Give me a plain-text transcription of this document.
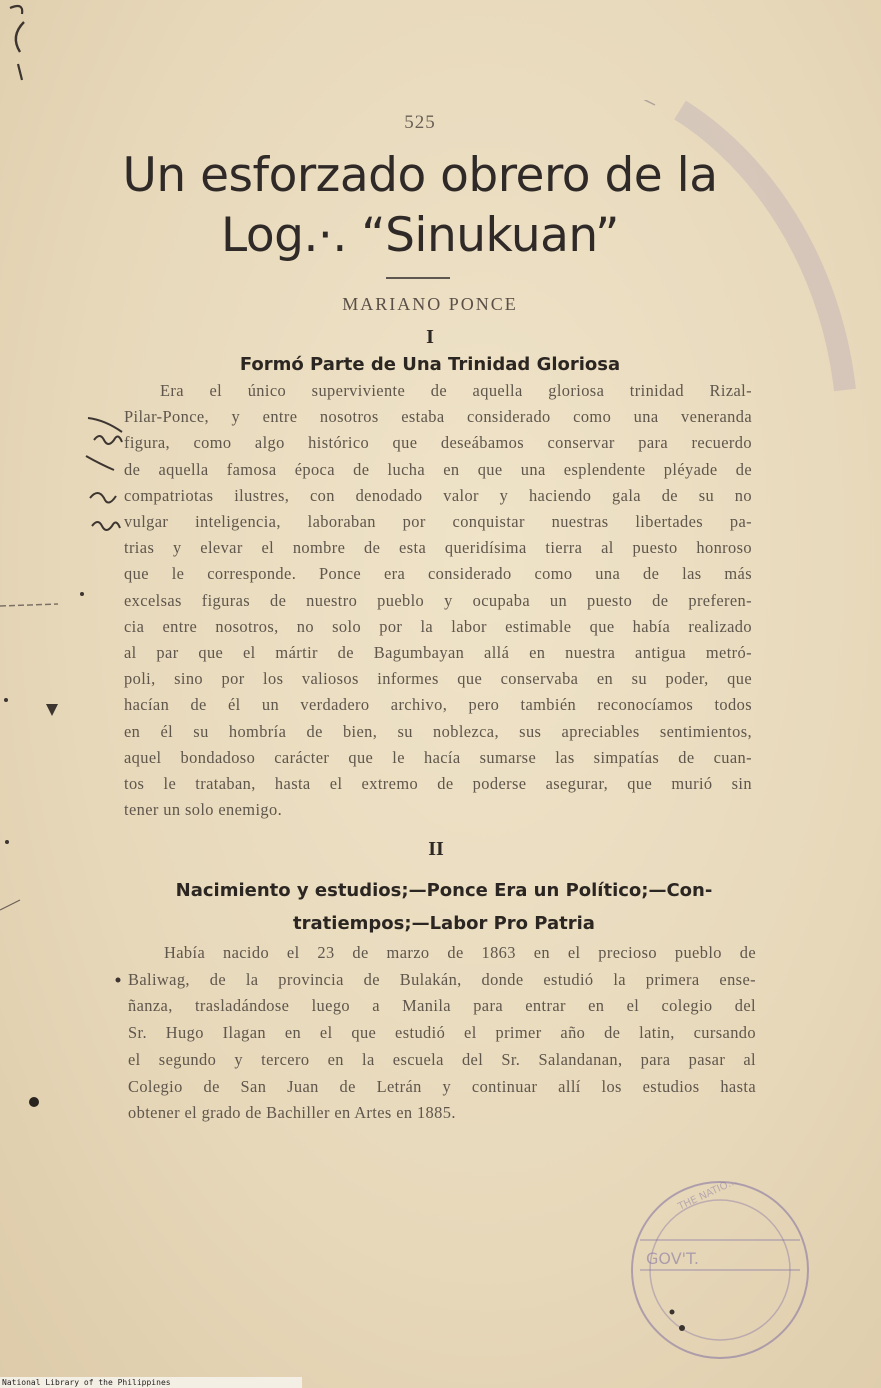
525
Un esforzado obrero de la
Log.·. “Sinukuan”
MARIANO PONCE
I
Formó Parte de Una Trinidad Gloriosa
Era el único superviviente de aquella gloriosa trinidad Rizal-
Pilar-Ponce, y entre nosotros estaba considerado como una veneranda
figura, como algo histórico que deseábamos conservar para recuerdo
de aquella famosa época de lucha en que una esplendente pléyade de
compatriotas ilustres, con denodado valor y haciendo gala de su no
vulgar inteligencia, laboraban por conquistar nuestras libertades pa-
trias y elevar el nombre de esta queridísima tierra al puesto honroso
que le corresponde. Ponce era considerado como una de las más
excelsas figuras de nuestro pueblo y ocupaba un puesto de preferen-
cia entre nosotros, no solo por la labor estimable que había realizado
al par que el mártir de Bagumbayan allá en nuestra antigua metró-
poli, sino por los valiosos informes que conservaba en su poder, que
hacían de él un verdadero archivo, pero también reconocíamos todos
en él su hombría de bien, su noblezca, sus apreciables sentimientos,
aquel bondadoso carácter que le hacía sumarse las simpatías de cuan-
tos le trataban, hasta el extremo de poderse asegurar, que murió sin
tener un solo enemigo.
II
Nacimiento y estudios;—Ponce Era un Político;—Con-
tratiempos;—Labor Pro Patria
Había nacido el 23 de marzo de 1863 en el precioso pueblo de
Baliwag, de la provincia de Bulakán, donde estudió la primera ense-
ñanza, trasladándose luego a Manila para entrar en el colegio del
Sr. Hugo Ilagan en el que estudió el primer año de latin, cursando
el segundo y tercero en la escuela del Sr. Salandanan, para pasar al
Colegio de San Juan de Letrán y continuar allí los estudios hasta
obtener el grado de Bachiller en Artes en 1885.
GOV'T.
THE NATIO…
National Library of the Philippines
